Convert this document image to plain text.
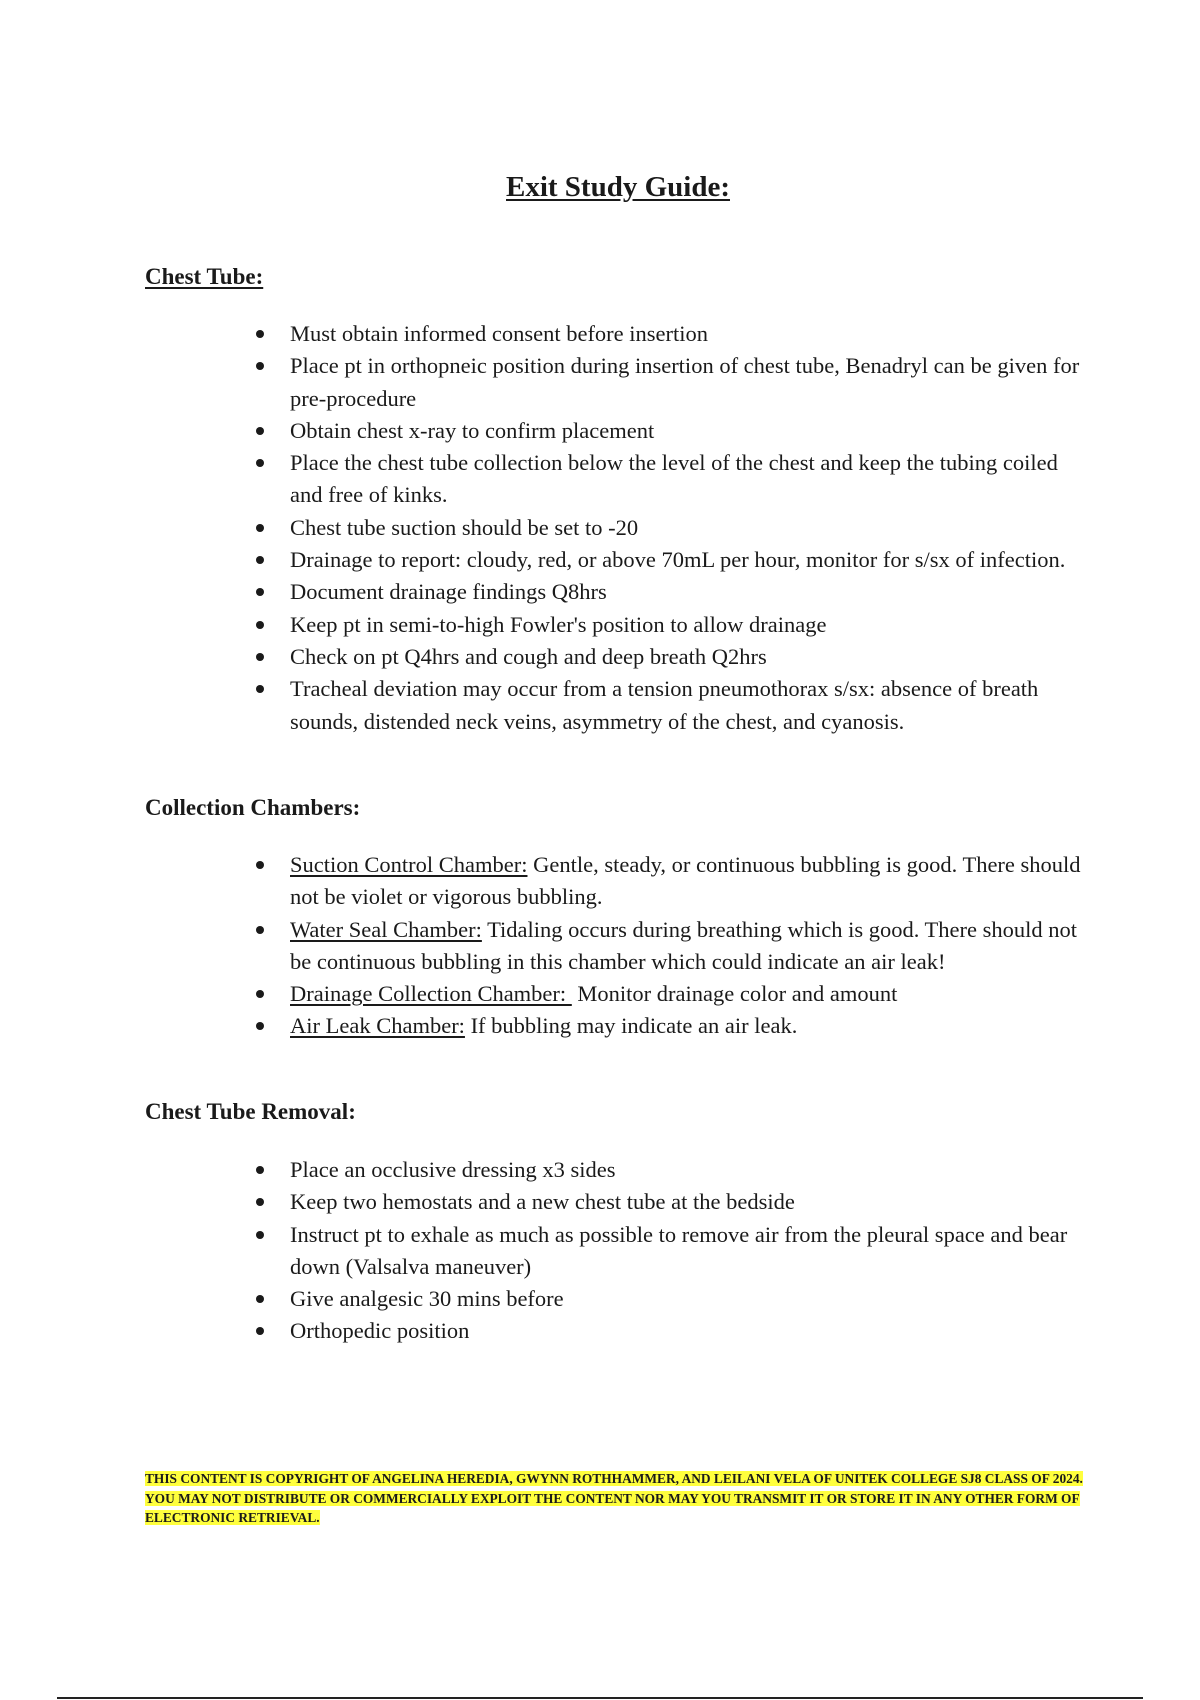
Exit Study Guide:
Chest Tube:
Must obtain informed consent before insertion
Place pt in orthopneic position during insertion of chest tube, Benadryl can be given for pre-procedure
Obtain chest x-ray to confirm placement
Place the chest tube collection below the level of the chest and keep the tubing coiled and free of kinks.
Chest tube suction should be set to -20
Drainage to report: cloudy, red, or above 70mL per hour, monitor for s/sx of infection.
Document drainage findings Q8hrs
Keep pt in semi-to-high Fowler's position to allow drainage
Check on pt Q4hrs and cough and deep breath Q2hrs
Tracheal deviation may occur from a tension pneumothorax s/sx: absence of breath sounds, distended neck veins, asymmetry of the chest, and cyanosis.
Collection Chambers:
Suction Control Chamber: Gentle, steady, or continuous bubbling is good. There should not be violet or vigorous bubbling.
Water Seal Chamber: Tidaling occurs during breathing which is good. There should not be continuous bubbling in this chamber which could indicate an air leak!
Drainage Collection Chamber:  Monitor drainage color and amount
Air Leak Chamber: If bubbling may indicate an air leak.
Chest Tube Removal:
Place an occlusive dressing x3 sides
Keep two hemostats and a new chest tube at the bedside
Instruct pt to exhale as much as possible to remove air from the pleural space and bear down (Valsalva maneuver)
Give analgesic 30 mins before
Orthopedic position

THIS CONTENT IS COPYRIGHT OF ANGELINA HEREDIA, GWYNN ROTHHAMMER, AND LEILANI VELA OF UNITEK COLLEGE SJ8 CLASS OF 2024. YOU MAY NOT DISTRIBUTE OR COMMERCIALLY EXPLOIT THE CONTENT NOR MAY YOU TRANSMIT IT OR STORE IT IN ANY OTHER FORM OF ELECTRONIC RETRIEVAL.
